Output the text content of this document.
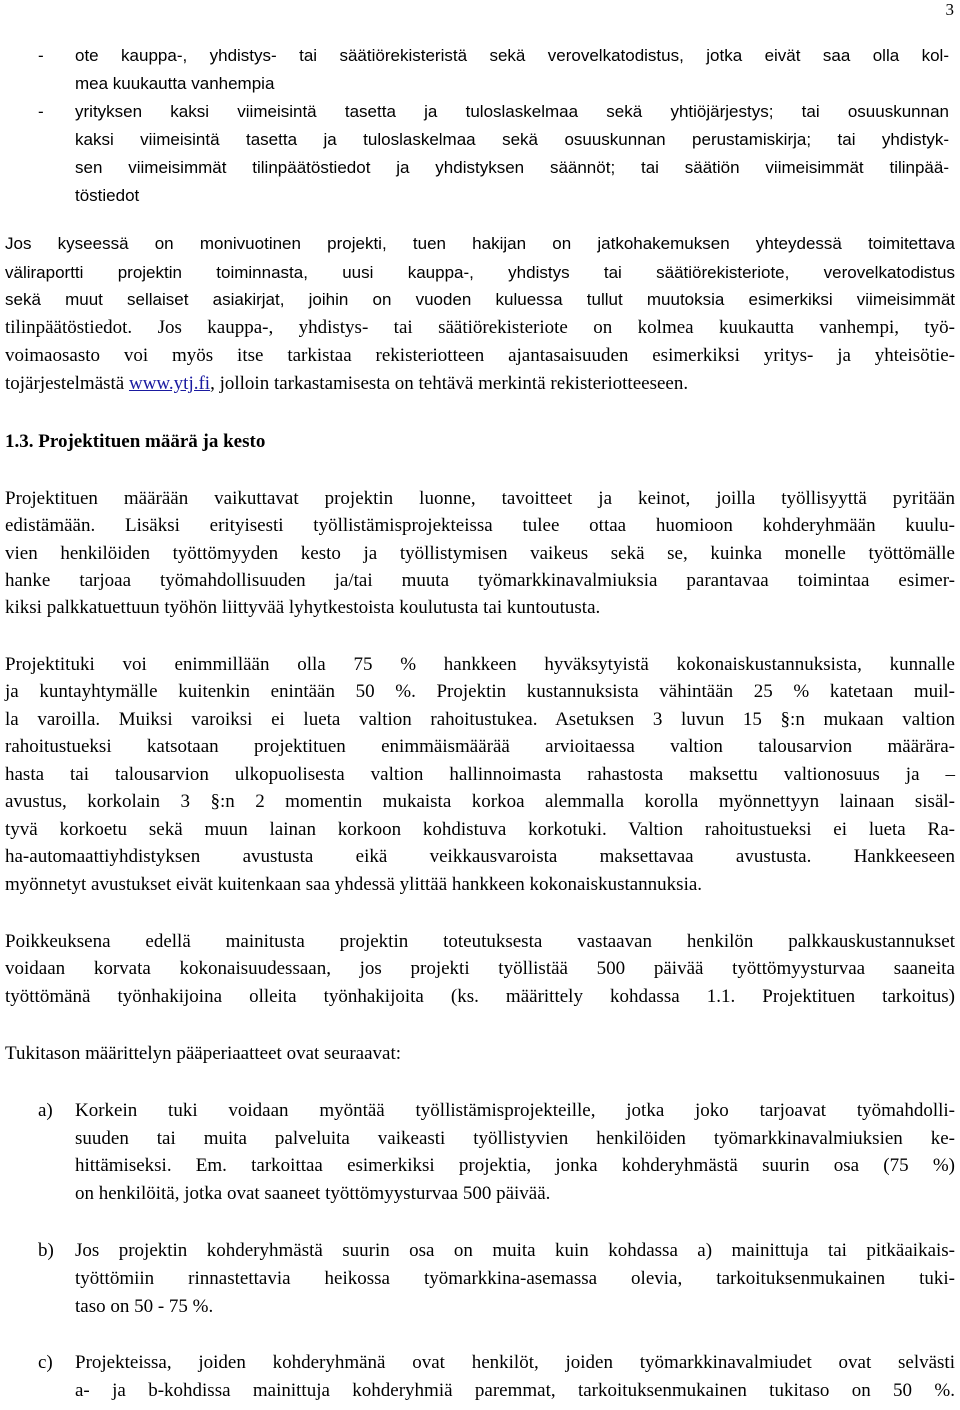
3
- ote kauppa-, yhdistys- tai säätiörekisteristä sekä verovelkatodistus, jotka eivät saa olla kol-
mea kuukautta vanhempia
- yrityksen kaksi viimeisintä tasetta ja tuloslaskelmaa sekä yhtiöjärjestys; tai osuuskunnan
kaksi viimeisintä tasetta ja tuloslaskelmaa sekä osuuskunnan perustamiskirja; tai yhdistyk-
sen viimeisimmät tilinpäätöstiedot ja yhdistyksen säännöt; tai säätiön viimeisimmät tilinpää-
töstiedot
Jos kyseessä on monivuotinen projekti, tuen hakijan on jatkohakemuksen yhteydessä toimitettava
väliraportti projektin toiminnasta, uusi kauppa-, yhdistys tai säätiörekisteriote, verovelkatodistus
sekä muut sellaiset asiakirjat, joihin on vuoden kuluessa tullut muutoksia esimerkiksi viimeisimmät
tilinpäätöstiedot. Jos kauppa-, yhdistys- tai säätiörekisteriote on kolmea kuukautta vanhempi, työ-
voimaosasto voi myös itse tarkistaa rekisteriotteen ajantasaisuuden esimerkiksi yritys- ja yhteisötie-
tojärjestelmästä www.ytj.fi, jolloin tarkastamisesta on tehtävä merkintä rekisteriotteeseen.
1.3. Projektituen määrä ja kesto
Projektituen määrään vaikuttavat projektin luonne, tavoitteet ja keinot, joilla työllisyyttä pyritään
edistämään. Lisäksi erityisesti työllistämisprojekteissa tulee ottaa huomioon kohderyhmään kuulu-
vien henkilöiden työttömyyden kesto ja työllistymisen vaikeus sekä se, kuinka monelle työttömälle
hanke tarjoaa työmahdollisuuden ja/tai muuta työmarkkinavalmiuksia parantavaa toimintaa esimer-
kiksi palkkatuettuun työhön liittyvää lyhytkestoista koulutusta tai kuntoutusta.
Projektituki voi enimmillään olla 75 % hankkeen hyväksytyistä kokonaiskustannuksista, kunnalle
ja kuntayhtymälle kuitenkin enintään 50 %. Projektin kustannuksista vähintään 25 % katetaan muil-
la varoilla. Muiksi varoiksi ei lueta valtion rahoitustukea. Asetuksen 3 luvun 15 §:n mukaan valtion
rahoitustueksi katsotaan projektituen enimmäismäärää arvioitaessa valtion talousarvion määrära-
hasta tai talousarvion ulkopuolisesta valtion hallinnoimasta rahastosta maksettu valtionosuus ja –
avustus, korkolain 3 §:n 2 momentin mukaista korkoa alemmalla korolla myönnettyyn lainaan sisäl-
tyvä korkoetu sekä muun lainan korkoon kohdistuva korkotuki. Valtion rahoitustueksi ei lueta Ra-
ha-automaattiyhdistyksen avustusta eikä veikkausvaroista maksettavaa avustusta. Hankkeeseen
myönnetyt avustukset eivät kuitenkaan saa yhdessä ylittää hankkeen kokonaiskustannuksia.
Poikkeuksena edellä mainitusta projektin toteutuksesta vastaavan henkilön palkkauskustannukset
voidaan korvata kokonaisuudessaan, jos projekti työllistää 500 päivää työttömyysturvaa saaneita
työttömänä työnhakijoina olleita työnhakijoita (ks. määrittely kohdassa 1.1. Projektituen tarkoitus)
Tukitason määrittelyn pääperiaatteet ovat seuraavat:
a) Korkein tuki voidaan myöntää työllistämisprojekteille, jotka joko tarjoavat työmahdolli-
suuden tai muita palveluita vaikeasti työllistyvien henkilöiden työmarkkinavalmiuksien ke-
hittämiseksi. Em. tarkoittaa esimerkiksi projektia, jonka kohderyhmästä suurin osa (75 %)
on henkilöitä, jotka ovat saaneet työttömyysturvaa 500 päivää.
b) Jos projektin kohderyhmästä suurin osa on muita kuin kohdassa a) mainittuja tai pitkäaikais-
työttömiin rinnastettavia heikossa työmarkkina-asemassa olevia, tarkoituksenmukainen tuki-
taso on 50 - 75 %.
c) Projekteissa, joiden kohderyhmänä ovat henkilöt, joiden työmarkkinavalmiudet ovat selvästi
a- ja b-kohdissa mainittuja kohderyhmiä paremmat, tarkoituksenmukainen tukitaso on 50 %.
